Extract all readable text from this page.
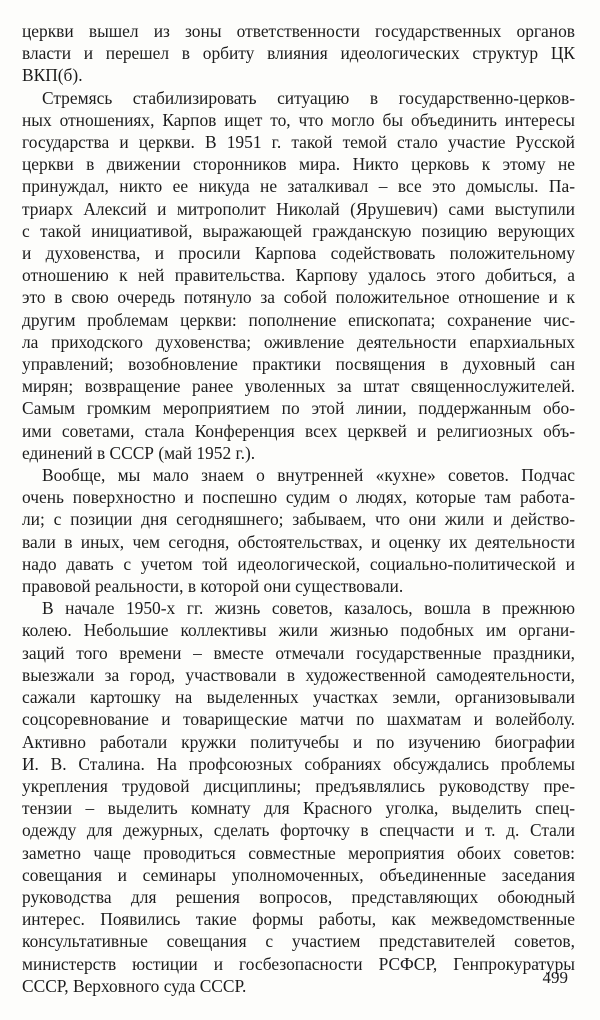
церкви вышел из зоны ответственности государственных органов
власти и перешел в орбиту влияния идеологических структур ЦК
ВКП(б).

Стремясь стабилизировать ситуацию в государственно-церков-
ных отношениях, Карпов ищет то, что могло бы объединить интересы
государства и церкви. В 1951 г. такой темой стало участие Русской
церкви в движении сторонников мира. Никто церковь к этому не
принуждал, никто ее никуда не заталкивал – все это домыслы. Па-
триарх Алексий и митрополит Николай (Ярушевич) сами выступили
с такой инициативой, выражающей гражданскую позицию верующих
и духовенства, и просили Карпова содействовать положительному
отношению к ней правительства. Карпову удалось этого добиться, а
это в свою очередь потянуло за собой положительное отношение и к
другим проблемам церкви: пополнение епископата; сохранение чис-
ла приходского духовенства; оживление деятельности епархиальных
управлений; возобновление практики посвящения в духовный сан
мирян; возвращение ранее уволенных за штат священнослужителей.
Самым громким мероприятием по этой линии, поддержанным обо-
ими советами, стала Конференция всех церквей и религиозных объ-
единений в СССР (май 1952 г.).

Вообще, мы мало знаем о внутренней «кухне» советов. Подчас
очень поверхностно и поспешно судим о людях, которые там работа-
ли; с позиции дня сегодняшнего; забываем, что они жили и действо-
вали в иных, чем сегодня, обстоятельствах, и оценку их деятельности
надо давать с учетом той идеологической, социально-политической и
правовой реальности, в которой они существовали.

В начале 1950-х гг. жизнь советов, казалось, вошла в прежнюю
колею. Небольшие коллективы жили жизнью подобных им органи-
заций того времени – вместе отмечали государственные праздники,
выезжали за город, участвовали в художественной самодеятельности,
сажали картошку на выделенных участках земли, организовывали
соцсоревнование и товарищеские матчи по шахматам и волейболу.
Активно работали кружки политучебы и по изучению биографии
И. В. Сталина. На профсоюзных собраниях обсуждались проблемы
укрепления трудовой дисциплины; предъявлялись руководству пре-
тензии – выделить комнату для Красного уголка, выделить спец-
одежду для дежурных, сделать форточку в спецчасти и т. д. Стали
заметно чаще проводиться совместные мероприятия обоих советов:
совещания и семинары уполномоченных, объединенные заседания
руководства для решения вопросов, представляющих обоюдный
интерес. Появились такие формы работы, как межведомственные
консультативные совещания с участием представителей советов,
министерств юстиции и госбезопасности РСФСР, Генпрокуратуры
СССР, Верховного суда СССР.	499
